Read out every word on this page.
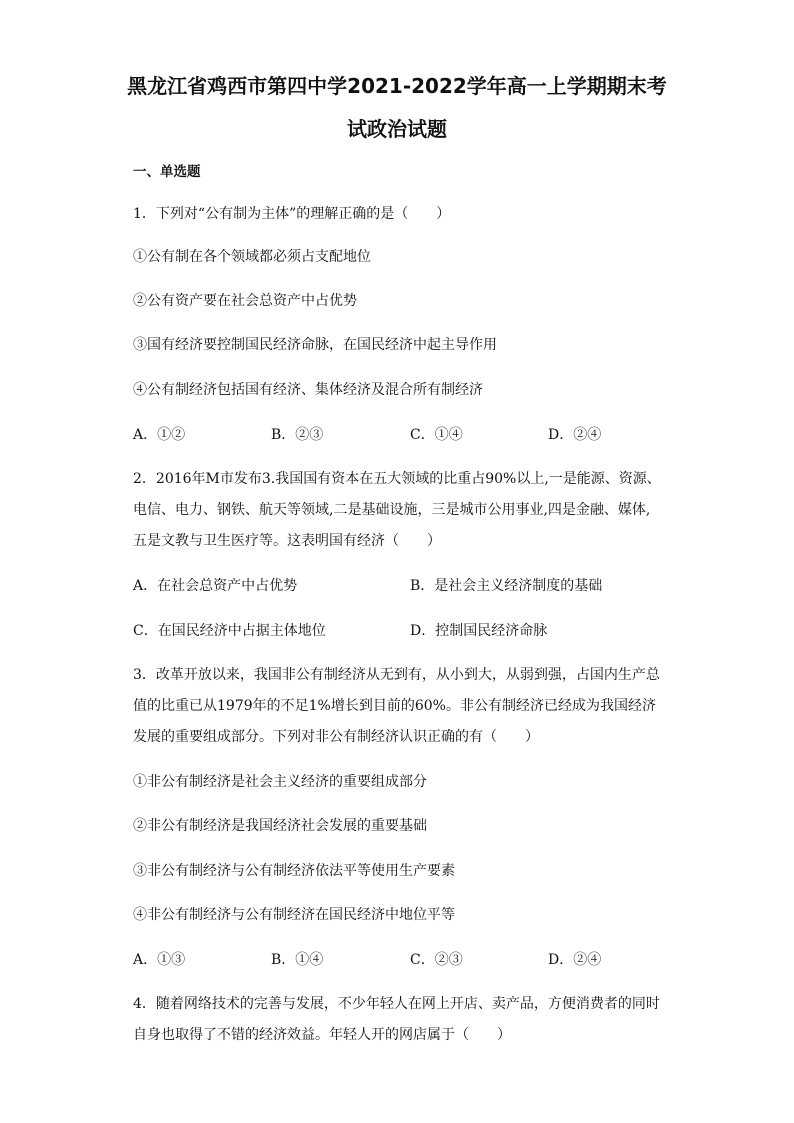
黑龙江省鸡西市第四中学2021-2022学年高一上学期期末考
试政治试题
一、单选题
1．下列对“公有制为主体”的理解正确的是（　　）
①公有制在各个领域都必须占支配地位
②公有资产要在社会总资产中占优势
③国有经济要控制国民经济命脉，在国民经济中起主导作用
④公有制经济包括国有经济、集体经济及混合所有制经济
A．①②	B．②③	C．①④	D．②④
2．2016年M市发布3.我国国有资本在五大领域的比重占90%以上,一是能源、资源、
电信、电力、钢铁、航天等领域,二是基础设施，三是城市公用事业,四是金融、媒体,
五是文教与卫生医疗等。这表明国有经济（　　）
A．在社会总资产中占优势	B．是社会主义经济制度的基础
C．在国民经济中占据主体地位	D．控制国民经济命脉
3．改革开放以来，我国非公有制经济从无到有，从小到大，从弱到强，占国内生产总
值的比重已从1979年的不足1%增长到目前的60%。非公有制经济已经成为我国经济
发展的重要组成部分。下列对非公有制经济认识正确的有（　　）
①非公有制经济是社会主义经济的重要组成部分
②非公有制经济是我国经济社会发展的重要基础
③非公有制经济与公有制经济依法平等使用生产要素
④非公有制经济与公有制经济在国民经济中地位平等
A．①③	B．①④	C．②③	D．②④
4．随着网络技术的完善与发展，不少年轻人在网上开店、卖产品，方便消费者的同时
自身也取得了不错的经济效益。年轻人开的网店属于（　　）
